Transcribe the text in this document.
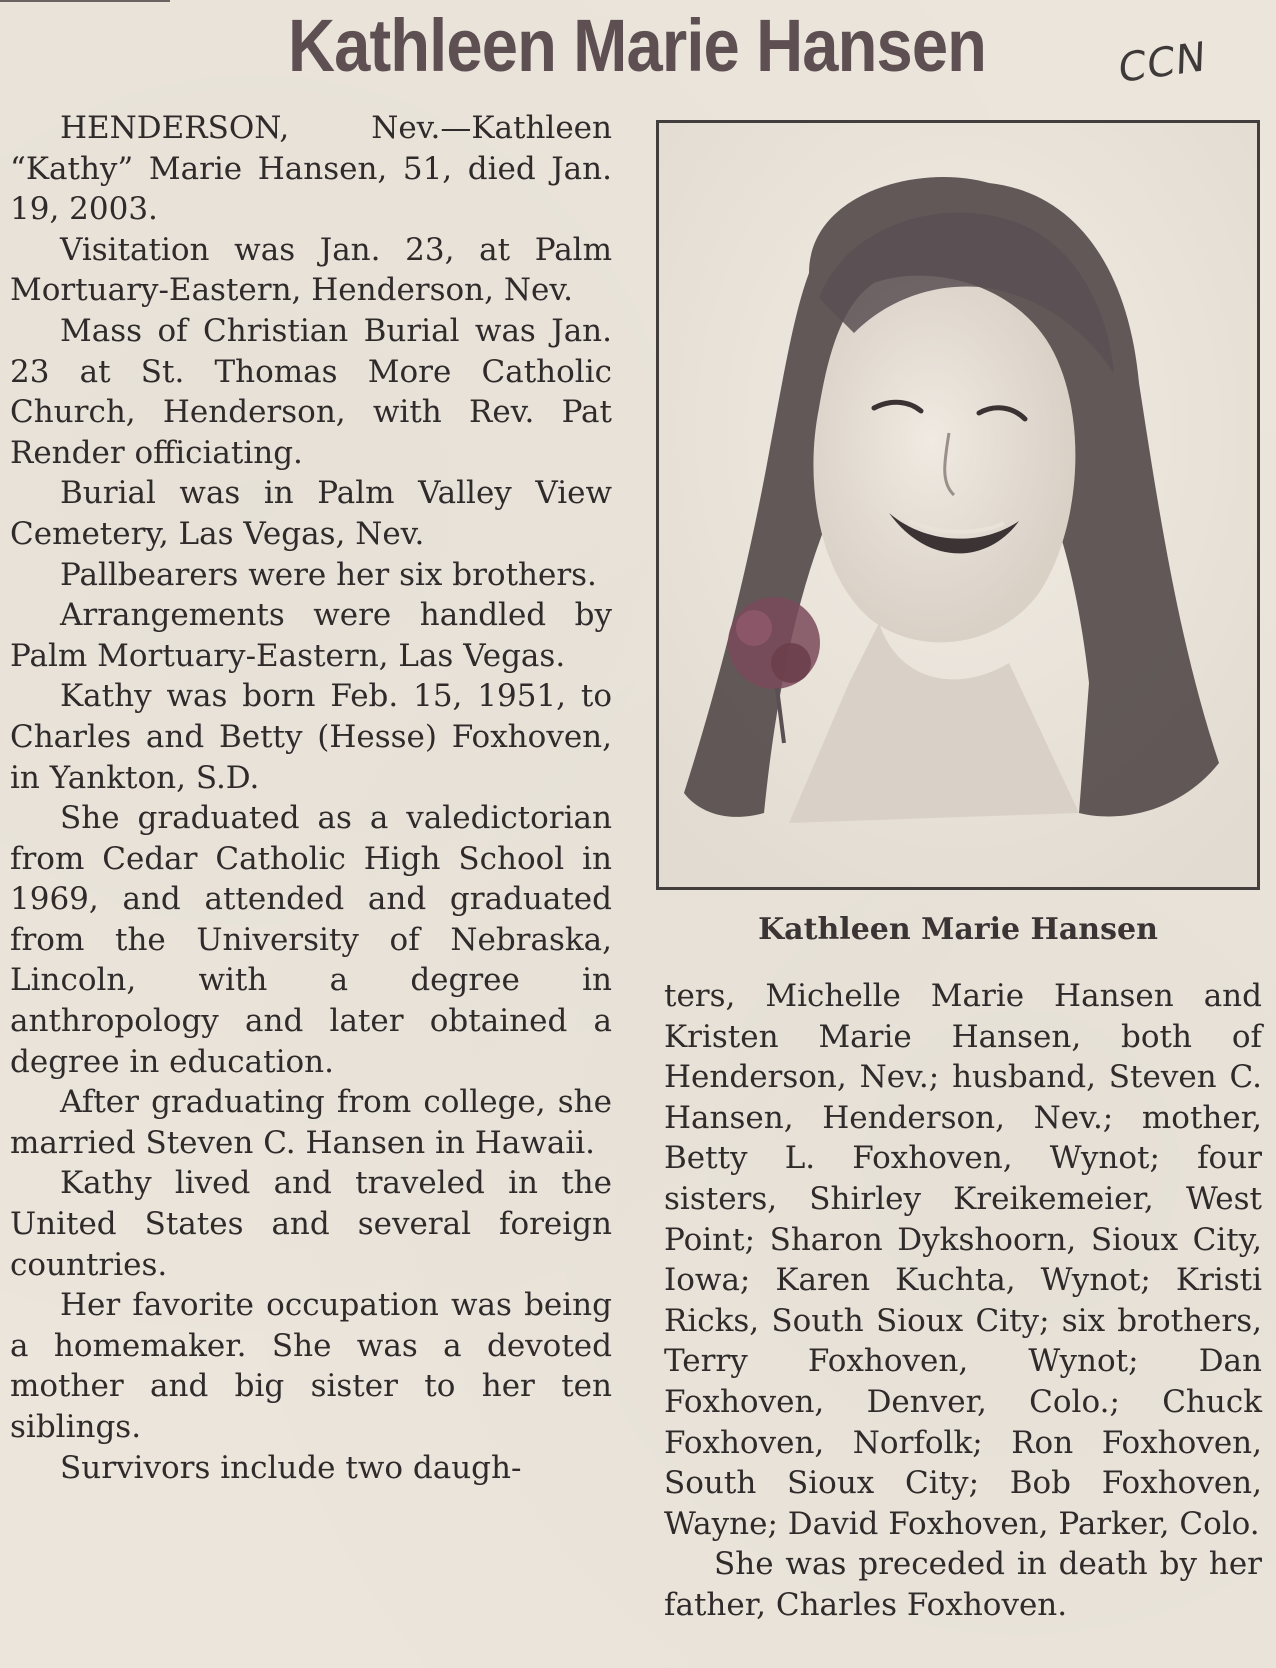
Kathleen Marie Hansen	CCN

HENDERSON, Nev.—Kathleen “Kathy” Marie Hansen, 51, died Jan. 19, 2003.

Visitation was Jan. 23, at Palm Mortuary-Eastern, Henderson, Nev.

Mass of Christian Burial was Jan. 23 at St. Thomas More Catholic Church, Henderson, with Rev. Pat Render officiating.

Burial was in Palm Valley View Cemetery, Las Vegas, Nev.

Pallbearers were her six brothers.

Arrangements were handled by Palm Mortuary-Eastern, Las Vegas.

Kathy was born Feb. 15, 1951, to Charles and Betty (Hesse) Foxhoven, in Yankton, S.D.

She graduated as a valedictorian from Cedar Catholic High School in 1969, and attended and graduated from the University of Nebraska, Lincoln, with a degree in anthropology and later obtained a degree in education.

After graduating from college, she married Steven C. Hansen in Hawaii.

Kathy lived and traveled in the United States and several foreign countries.

Her favorite occupation was being a homemaker. She was a devoted mother and big sister to her ten siblings.

Survivors include two daugh-

Kathleen Marie Hansen

ters, Michelle Marie Hansen and Kristen Marie Hansen, both of Henderson, Nev.; husband, Steven C. Hansen, Henderson, Nev.; mother, Betty L. Foxhoven, Wynot; four sisters, Shirley Kreikemeier, West Point; Sharon Dykshoorn, Sioux City, Iowa; Karen Kuchta, Wynot; Kristi Ricks, South Sioux City; six brothers, Terry Foxhoven, Wynot; Dan Foxhoven, Denver, Colo.; Chuck Foxhoven, Norfolk; Ron Foxhoven, South Sioux City; Bob Foxhoven, Wayne; David Foxhoven, Parker, Colo.

She was preceded in death by her father, Charles Foxhoven.
